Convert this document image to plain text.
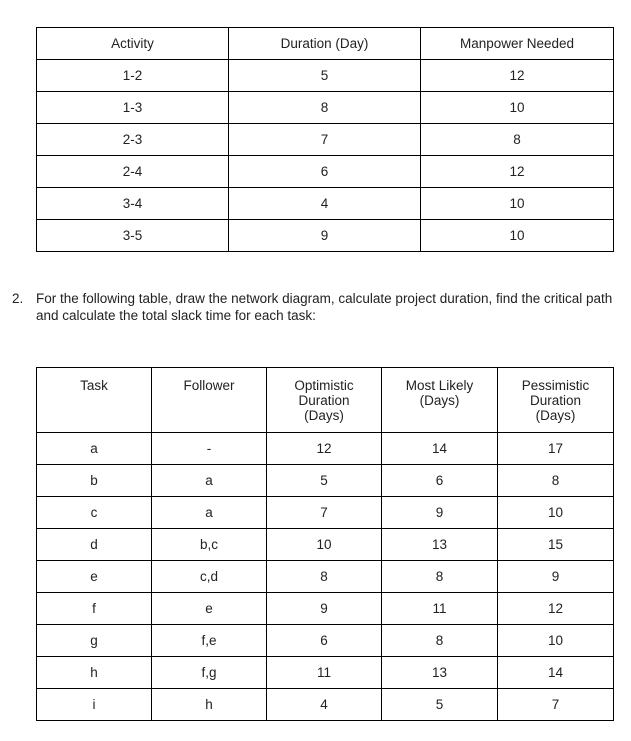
Activity	Duration (Day)	Manpower Needed
1-2	5	12
1-3	8	10
2-3	7	8
2-4	6	12
3-4	4	10
3-5	9	10
2. For the following table, draw the network diagram, calculate project duration, find the critical path and calculate the total slack time for each task:
Task	Follower	Optimistic Duration (Days)	Most Likely (Days)	Pessimistic Duration (Days)
a	-	12	14	17
b	a	5	6	8
c	a	7	9	10
d	b,c	10	13	15
e	c,d	8	8	9
f	e	9	11	12
g	f,e	6	8	10
h	f,g	11	13	14
i	h	4	5	7
